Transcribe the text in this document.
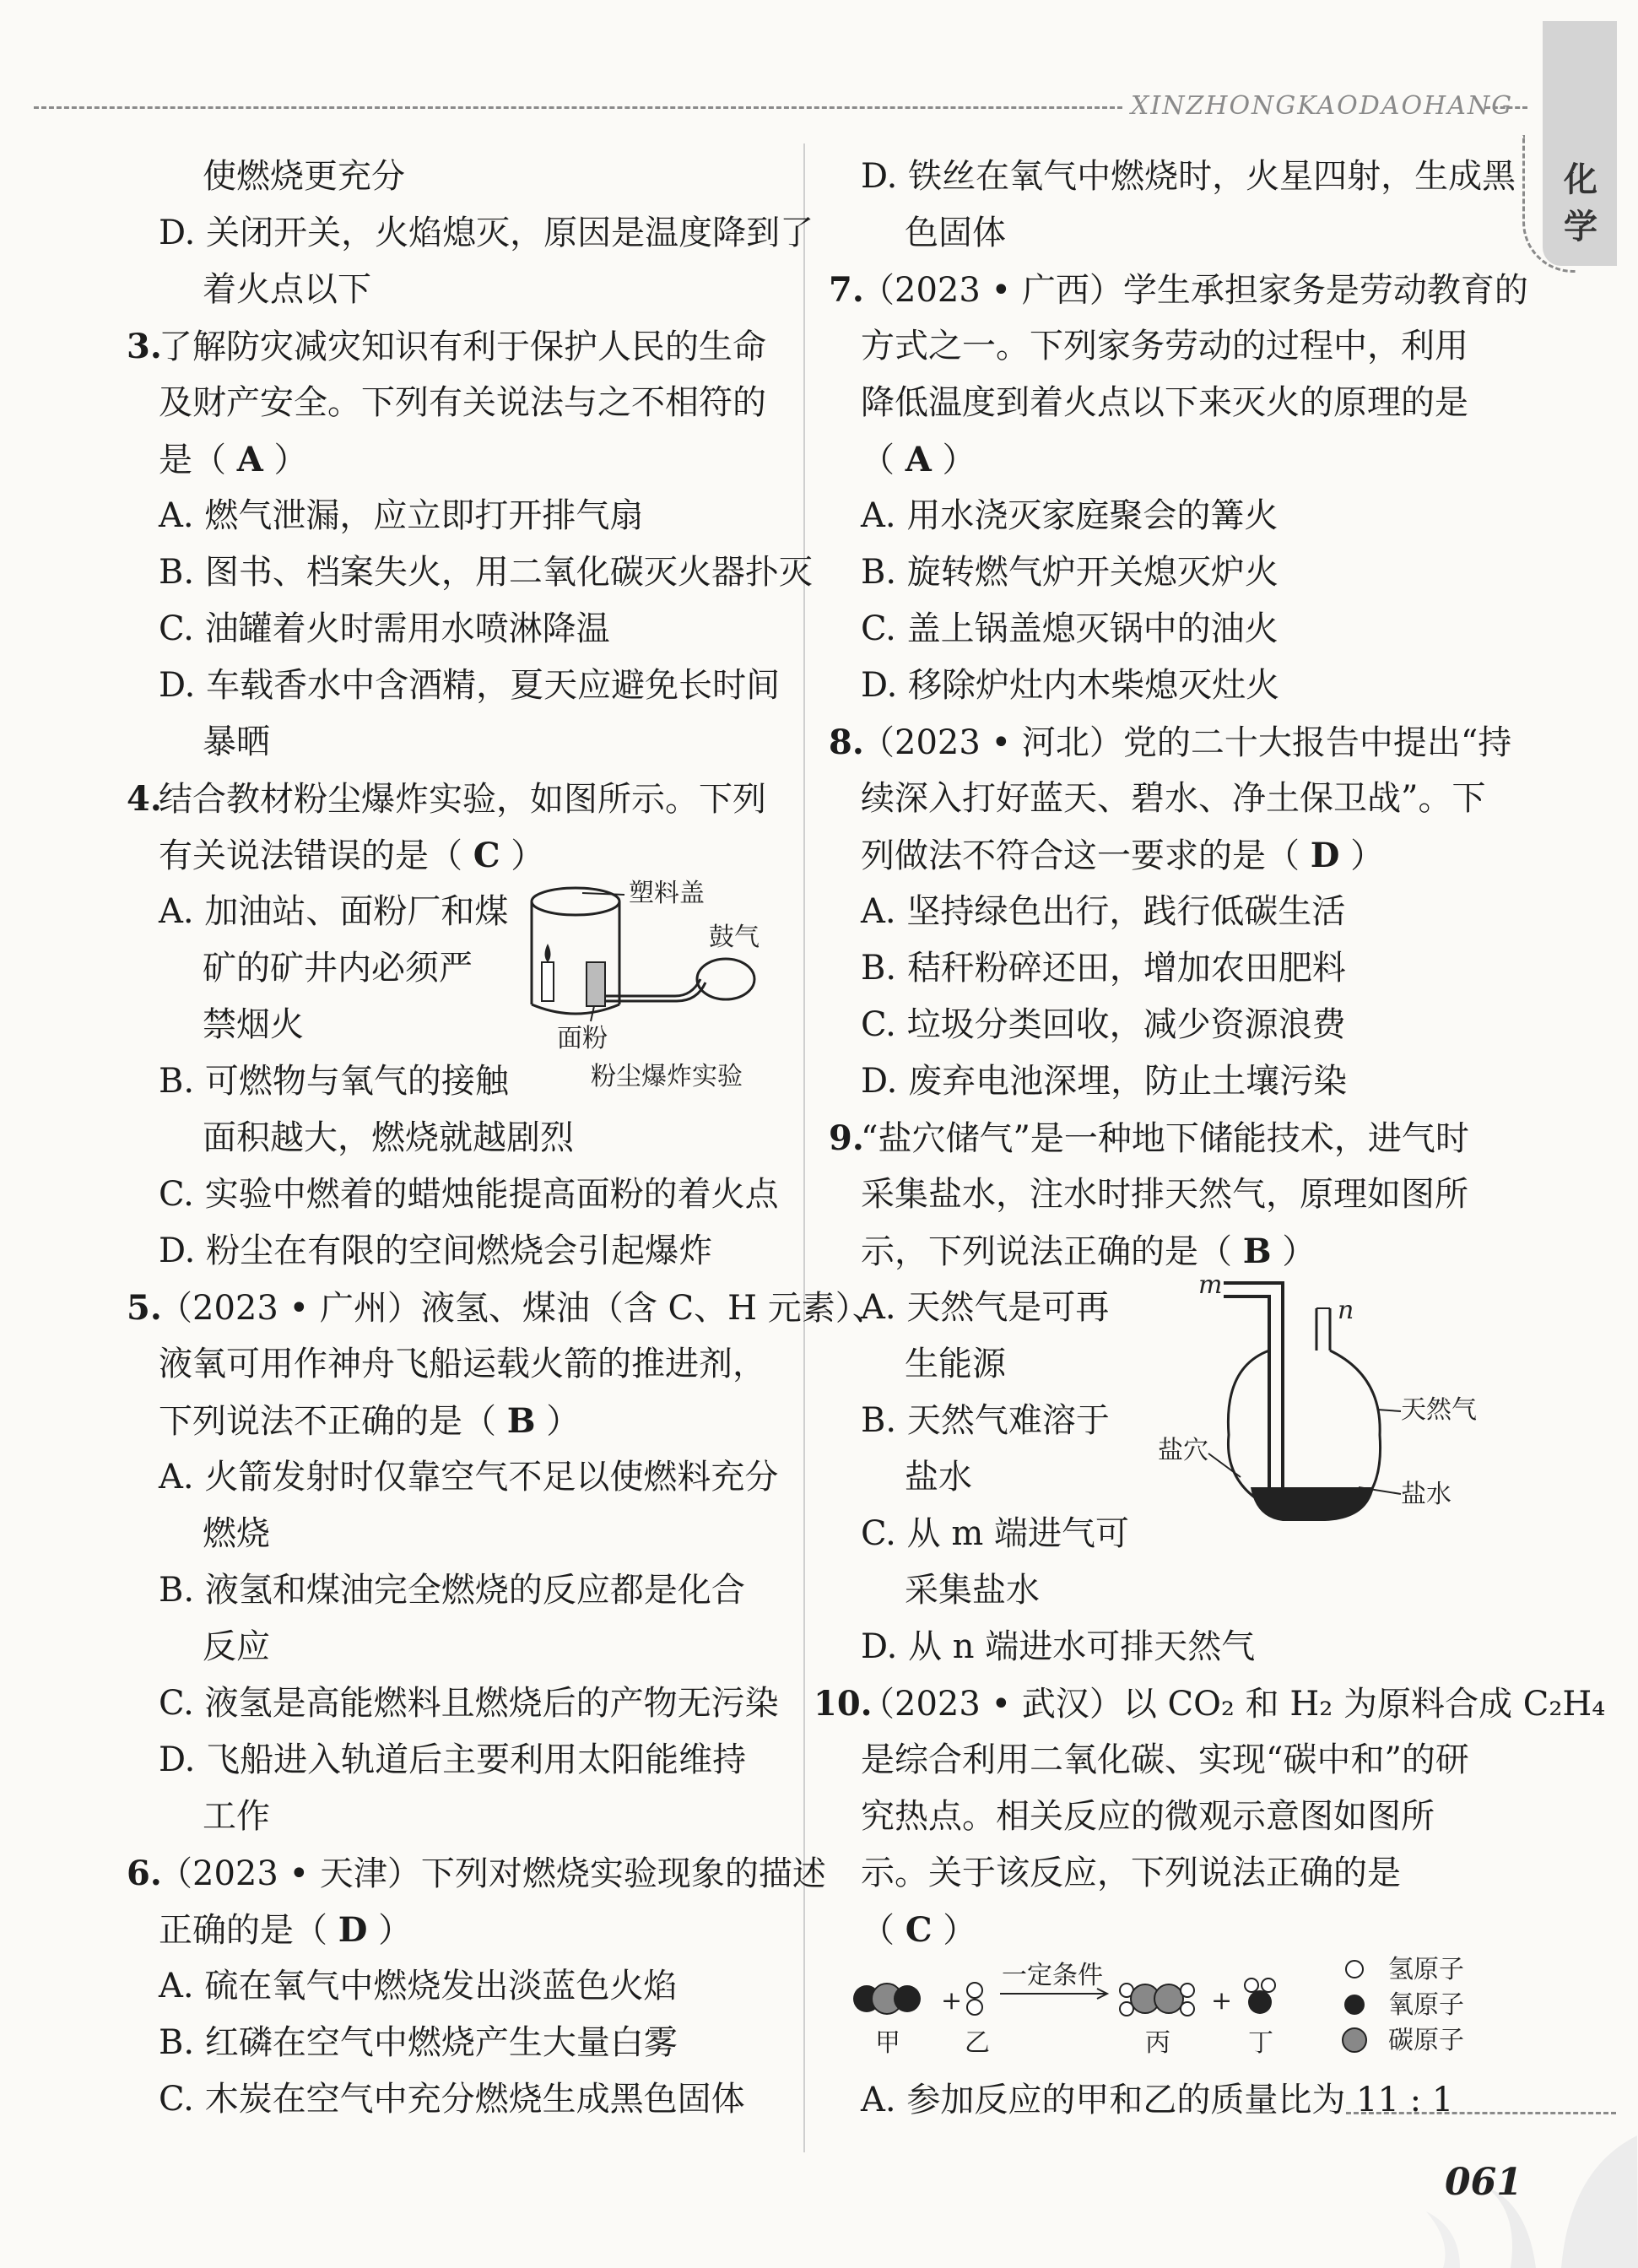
XINZHONGKAODAOHANG
化学
使燃烧更充分
D. 关闭开关，火焰熄灭，原因是温度降到了
着火点以下
3.了解防灾减灾知识有利于保护人民的生命
及财产安全。下列有关说法与之不相符的
是（ A ）
A. 燃气泄漏，应立即打开排气扇
B. 图书、档案失火，用二氧化碳灭火器扑灭
C. 油罐着火时需用水喷淋降温
D. 车载香水中含酒精，夏天应避免长时间
暴晒
4.结合教材粉尘爆炸实验，如图所示。下列
有关说法错误的是（ C ）
A. 加油站、面粉厂和煤
矿的矿井内必须严
禁烟火
B. 可燃物与氧气的接触
面积越大，燃烧就越剧烈
C. 实验中燃着的蜡烛能提高面粉的着火点
D. 粉尘在有限的空间燃烧会引起爆炸
5.（2023 • 广州）液氢、煤油（含 C、H 元素）、
液氧可用作神舟飞船运载火箭的推进剂，
下列说法不正确的是（ B ）
A. 火箭发射时仅靠空气不足以使燃料充分
燃烧
B. 液氢和煤油完全燃烧的反应都是化合
反应
C. 液氢是高能燃料且燃烧后的产物无污染
D. 飞船进入轨道后主要利用太阳能维持
工作
6.（2023 • 天津）下列对燃烧实验现象的描述
正确的是（ D ）
A. 硫在氧气中燃烧发出淡蓝色火焰
B. 红磷在空气中燃烧产生大量白雾
C. 木炭在空气中充分燃烧生成黑色固体
塑料盖
鼓气
面粉
粉尘爆炸实验
D. 铁丝在氧气中燃烧时，火星四射，生成黑
色固体
7.（2023 • 广西）学生承担家务是劳动教育的
方式之一。下列家务劳动的过程中，利用
降低温度到着火点以下来灭火的原理的是
（ A ）
A. 用水浇灭家庭聚会的篝火
B. 旋转燃气炉开关熄灭炉火
C. 盖上锅盖熄灭锅中的油火
D. 移除炉灶内木柴熄灭灶火
8.（2023 • 河北）党的二十大报告中提出“持
续深入打好蓝天、碧水、净土保卫战”。下
列做法不符合这一要求的是（ D ）
A. 坚持绿色出行，践行低碳生活
B. 秸秆粉碎还田，增加农田肥料
C. 垃圾分类回收，减少资源浪费
D. 废弃电池深埋，防止土壤污染
9.“盐穴储气”是一种地下储能技术，进气时
采集盐水，注水时排天然气，原理如图所
示，下列说法正确的是（ B ）
A. 天然气是可再
生能源
B. 天然气难溶于
盐水
C. 从 m 端进气可
采集盐水
D. 从 n 端进水可排天然气
10.（2023 • 武汉）以 CO₂ 和 H₂ 为原料合成 C₂H₄
是综合利用二氧化碳、实现“碳中和”的研
究热点。相关反应的微观示意图如图所
示。关于该反应，下列说法正确的是
（ C ）
A. 参加反应的甲和乙的质量比为 11 : 1
m
n
天然气
盐穴
盐水
+
一定条件
+
甲	乙	丙	丁
氢原子
氧原子
碳原子
061
